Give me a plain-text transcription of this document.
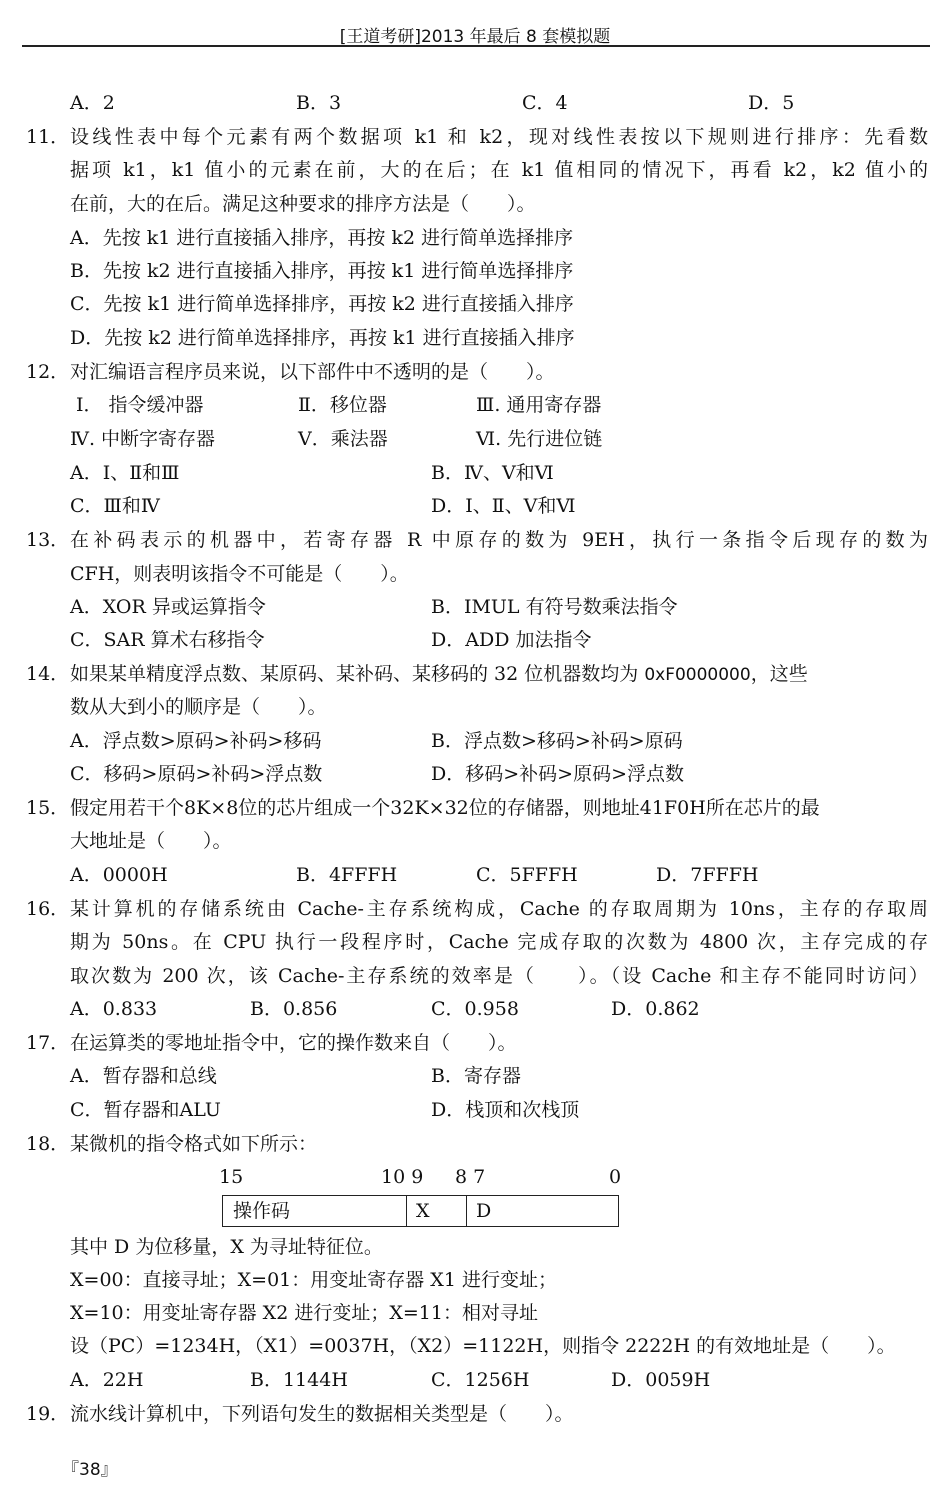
[王道考研]2013 年最后 8 套模拟题
A．2	B．3	C．4	D．5
11． 设线性表中每个元素有两个数据项 k1 和 k2，现对线性表按以下规则进行排序：先看数
据项 k1，k1 值小的元素在前，大的在后；在 k1 值相同的情况下，再看 k2，k2 值小的
在前，大的在后。满足这种要求的排序方法是（　　）。
A．先按 k1 进行直接插入排序，再按 k2 进行简单选择排序
B．先按 k2 进行直接插入排序，再按 k1 进行简单选择排序
C．先按 k1 进行简单选择排序，再按 k2 进行直接插入排序
D．先按 k2 进行简单选择排序，再按 k1 进行直接插入排序
12． 对汇编语言程序员来说，以下部件中不透明的是（　　）。
Ⅰ． 指令缓冲器	Ⅱ．移位器	Ⅲ. 通用寄存器
Ⅳ. 中断字寄存器	Ⅴ．乘法器	Ⅵ. 先行进位链
A．Ⅰ、Ⅱ和Ⅲ	B．Ⅳ、Ⅴ和Ⅵ
C．Ⅲ和Ⅳ	D．Ⅰ、Ⅱ、Ⅴ和Ⅵ
13． 在补码表示的机器中，若寄存器 R 中原存的数为 9EH，执行一条指令后现存的数为
CFH，则表明该指令不可能是（　　）。
A．XOR 异或运算指令	B．IMUL 有符号数乘法指令
C．SAR 算术右移指令	D．ADD 加法指令
14． 如果某单精度浮点数、某原码、某补码、某移码的 32 位机器数均为 0xF0000000，这些
数从大到小的顺序是（　　）。
A．浮点数>原码>补码>移码	B．浮点数>移码>补码>原码
C．移码>原码>补码>浮点数	D．移码>补码>原码>浮点数
15． 假定用若干个8K×8位的芯片组成一个32K×32位的存储器，则地址41F0H所在芯片的最
大地址是（　　）。
A．0000H	B．4FFFH	C．5FFFH	D．7FFFH
16． 某计算机的存储系统由 Cache-主存系统构成，Cache 的存取周期为 10ns，主存的存取周
期为 50ns。在 CPU 执行一段程序时，Cache 完成存取的次数为 4800 次，主存完成的存
取次数为 200 次，该 Cache-主存系统的效率是（　　）。（设 Cache 和主存不能同时访问）
A．0.833	B．0.856	C．0.958	D．0.862
17． 在运算类的零地址指令中，它的操作数来自（　　）。
A．暂存器和总线	B．寄存器
C．暂存器和ALU	D．栈顶和次栈顶
18． 某微机的指令格式如下所示：
15	10 9 8 7	0
操作码	X	D
其中 D 为位移量，X 为寻址特征位。
X=00：直接寻址；X=01：用变址寄存器 X1 进行变址；
X=10：用变址寄存器 X2 进行变址；X=11：相对寻址
设（PC）=1234H，（X1）=0037H，（X2）=1122H，则指令 2222H 的有效地址是（　　）。
A．22H	B．1144H	C．1256H	D．0059H
19． 流水线计算机中，下列语句发生的数据相关类型是（　　）。
『38』
